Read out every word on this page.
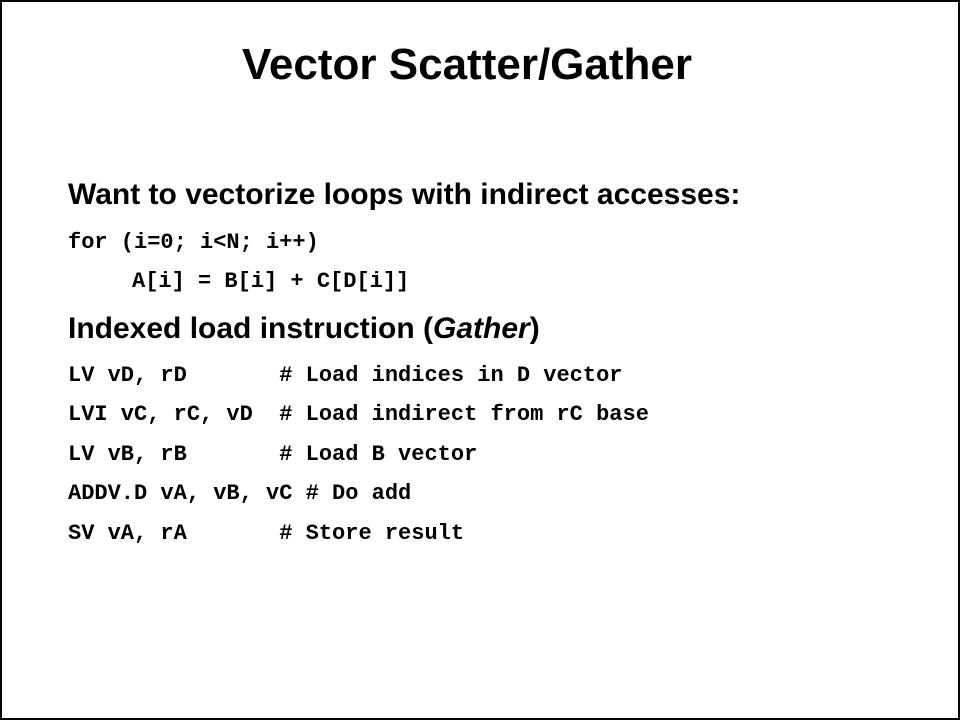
Vector Scatter/Gather
Want to vectorize loops with indirect accesses:
for (i=0; i<N; i++)
A[i] = B[i] + C[D[i]]
Indexed load instruction (Gather)
LV vD, rD       # Load indices in D vector
LVI vC, rC, vD  # Load indirect from rC base
LV vB, rB       # Load B vector
ADDV.D vA, vB, vC # Do add
SV vA, rA       # Store result
